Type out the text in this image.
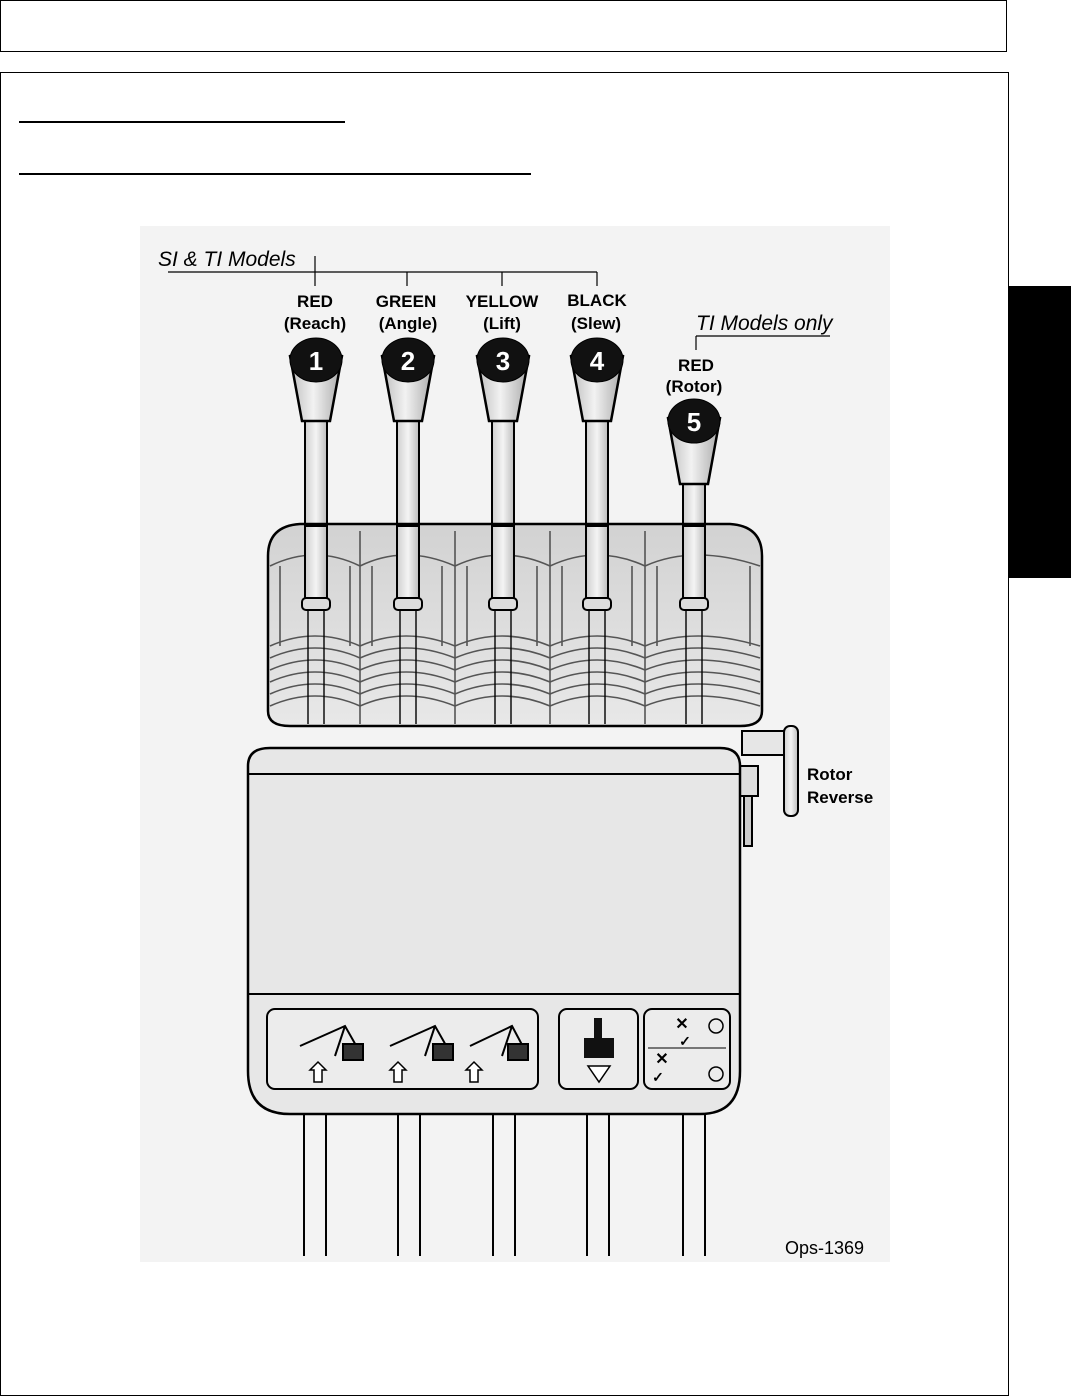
SI & TI Models
TI Models only
RED
(Reach)
GREEN
(Angle)
YELLOW
(Lift)
BLACK
(Slew)
RED
(Rotor)
1	2	3	4
5
Rotor
Reverse
✕
✓
✕
✓
Ops-1369
